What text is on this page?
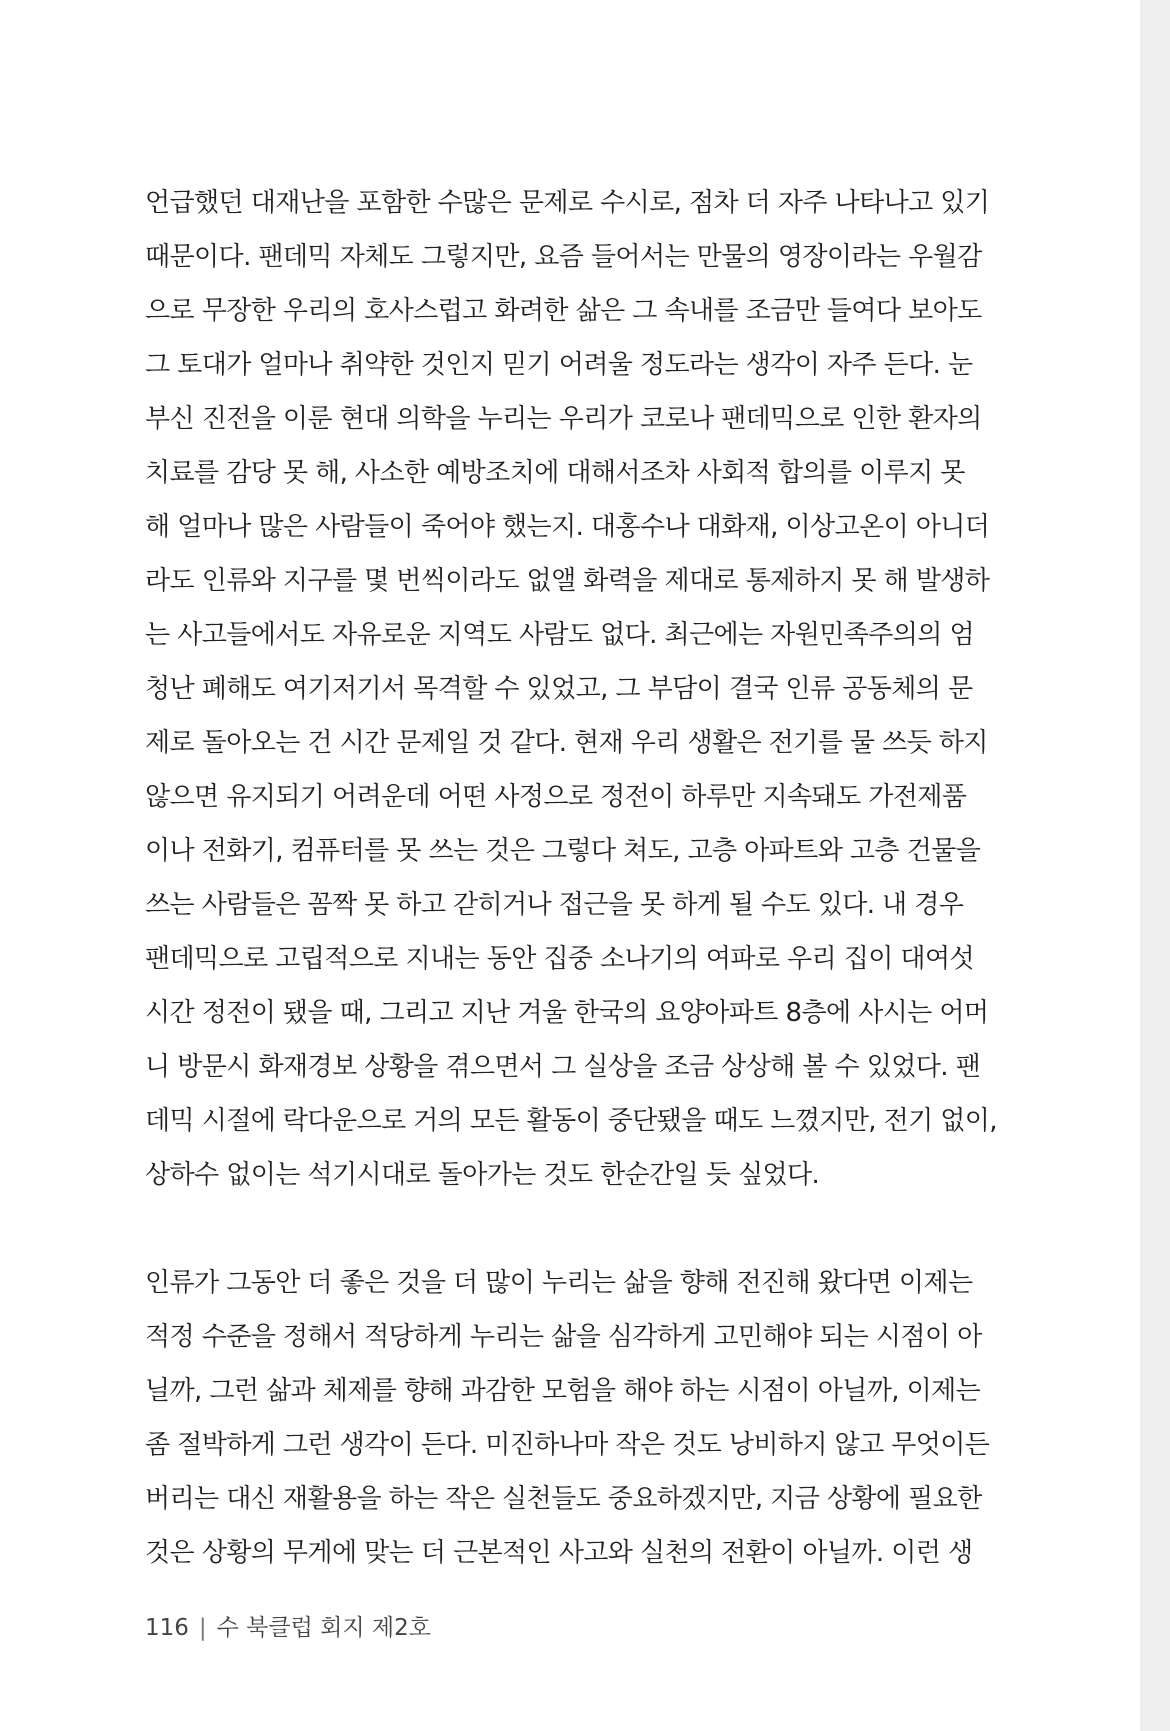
언급했던 대재난을 포함한 수많은 문제로 수시로, 점차 더 자주 나타나고 있기
때문이다. 팬데믹 자체도 그렇지만, 요즘 들어서는 만물의 영장이라는 우월감
으로 무장한 우리의 호사스럽고 화려한 삶은 그 속내를 조금만 들여다 보아도
그 토대가 얼마나 취약한 것인지 믿기 어려울 정도라는 생각이 자주 든다. 눈
부신 진전을 이룬 현대 의학을 누리는 우리가 코로나 팬데믹으로 인한 환자의
치료를 감당 못 해, 사소한 예방조치에 대해서조차 사회적 합의를 이루지 못
해 얼마나 많은 사람들이 죽어야 했는지. 대홍수나 대화재, 이상고온이 아니더
라도 인류와 지구를 몇 번씩이라도 없앨 화력을 제대로 통제하지 못 해 발생하
는 사고들에서도 자유로운 지역도 사람도 없다. 최근에는 자원민족주의의 엄
청난 폐해도 여기저기서 목격할 수 있었고, 그 부담이 결국 인류 공동체의 문
제로 돌아오는 건 시간 문제일 것 같다. 현재 우리 생활은 전기를 물 쓰듯 하지
않으면 유지되기 어려운데 어떤 사정으로 정전이 하루만 지속돼도 가전제품
이나 전화기, 컴퓨터를 못 쓰는 것은 그렇다 쳐도, 고층 아파트와 고층 건물을
쓰는 사람들은 꼼짝 못 하고 갇히거나 접근을 못 하게 될 수도 있다. 내 경우
팬데믹으로 고립적으로 지내는 동안 집중 소나기의 여파로 우리 집이 대여섯
시간 정전이 됐을 때, 그리고 지난 겨울 한국의 요양아파트 8층에 사시는 어머
니 방문시 화재경보 상황을 겪으면서 그 실상을 조금 상상해 볼 수 있었다. 팬
데믹 시절에 락다운으로 거의 모든 활동이 중단됐을 때도 느꼈지만, 전기 없이,
상하수 없이는 석기시대로 돌아가는 것도 한순간일 듯 싶었다.
인류가 그동안 더 좋은 것을 더 많이 누리는 삶을 향해 전진해 왔다면 이제는
적정 수준을 정해서 적당하게 누리는 삶을 심각하게 고민해야 되는 시점이 아
닐까, 그런 삶과 체제를 향해 과감한 모험을 해야 하는 시점이 아닐까, 이제는
좀 절박하게 그런 생각이 든다. 미진하나마 작은 것도 낭비하지 않고 무엇이든
버리는 대신 재활용을 하는 작은 실천들도 중요하겠지만, 지금 상황에 필요한
것은 상황의 무게에 맞는 더 근본적인 사고와 실천의 전환이 아닐까. 이런 생
116 | 수 북클럽 회지 제2호
